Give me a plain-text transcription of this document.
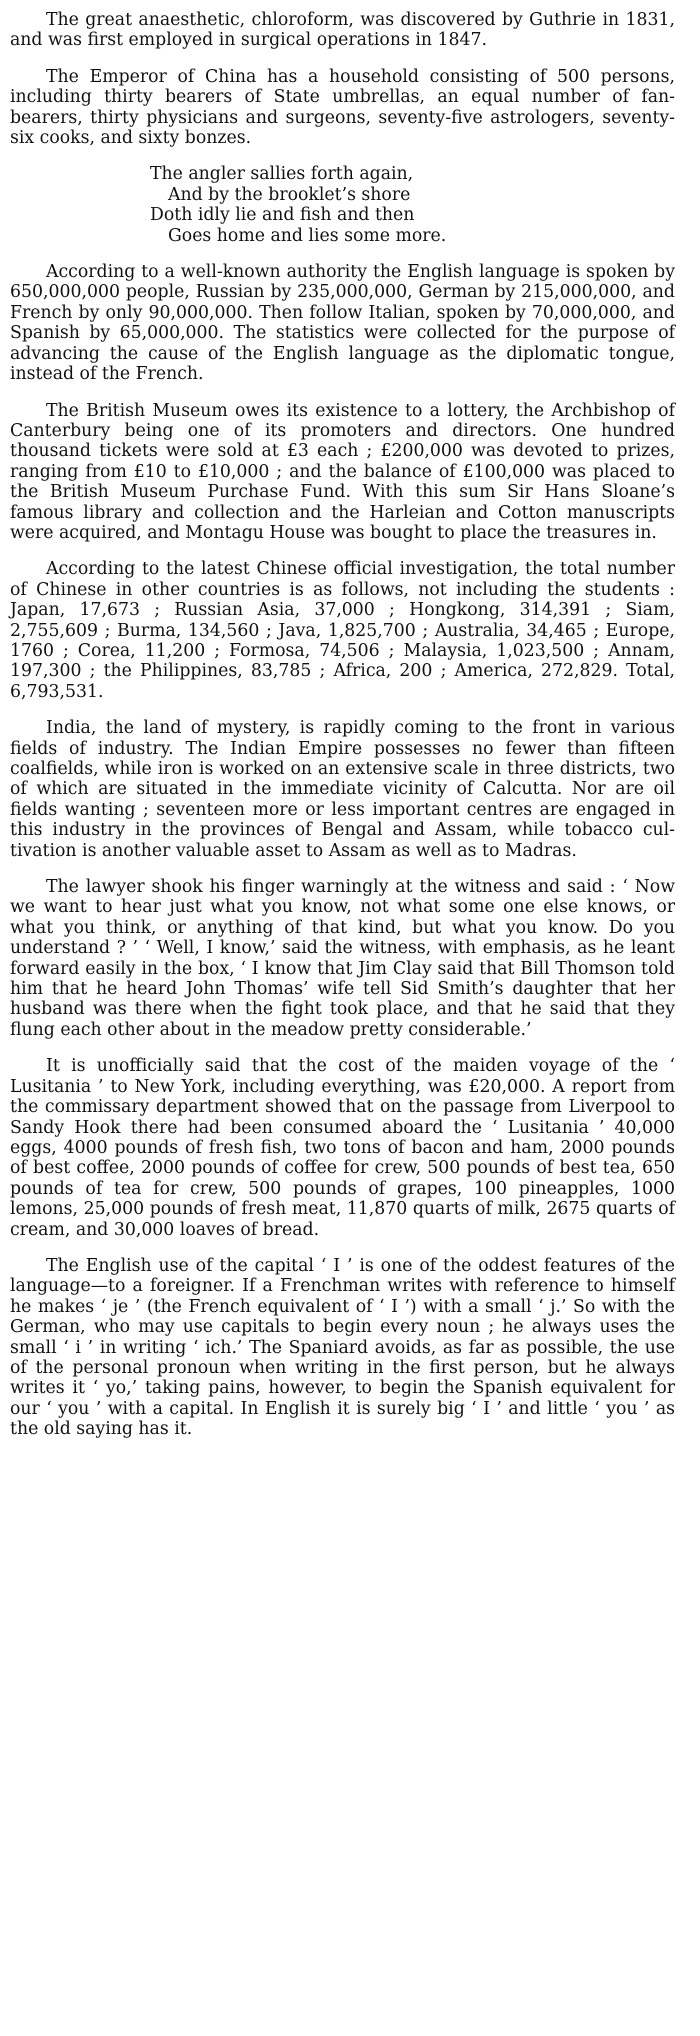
The great anaesthetic, chloroform, was discovered by Guthrie in 1831, and was first employed in surgical operations in 1847.

The Emperor of China has a household consisting of 500 persons, including thirty bearers of State umbrellas, an equal number of fan-bearers, thirty physicians and surgeons, seventy-five astrologers, seventy-six cooks, and sixty bonzes.

The angler sallies forth again,
And by the brooklet’s shore
Doth idly lie and fish and then
Goes home and lies some more.

According to a well-known authority the English language is spoken by 650,000,000 people, Russian by 235,000,000, German by 215,000,000, and French by only 90,000,000. Then follow Italian, spoken by 70,000,000, and Spanish by 65,000,000. The statistics were collected for the purpose of advancing the cause of the English language as the diplomatic tongue, instead of the French.

The British Museum owes its existence to a lottery, the Archbishop of Canterbury being one of its promoters and directors. One hundred thousand tickets were sold at £3 each ; £200,000 was devoted to prizes, ranging from £10 to £10,000 ; and the balance of £100,000 was placed to the British Museum Purchase Fund. With this sum Sir Hans Sloane’s famous library and collection and the Harleian and Cotton manuscripts were acquired, and Montagu House was bought to place the treasures in.

According to the latest Chinese official investigation, the total number of Chinese in other countries is as follows, not including the students : Japan, 17,673 ; Russian Asia, 37,000 ; Hongkong, 314,391 ; Siam, 2,755,609 ; Burma, 134,560 ; Java, 1,825,700 ; Australia, 34,465 ; Europe, 1760 ; Corea, 11,200 ; Formosa, 74,506 ; Malaysia, 1,023,500 ; Annam, 197,300 ; the Philippines, 83,785 ; Africa, 200 ; America, 272,829. Total, 6,793,531.

India, the land of mystery, is rapidly coming to the front in various fields of industry. The Indian Empire possesses no fewer than fifteen coalfields, while iron is worked on an extensive scale in three districts, two of which are situated in the immediate vicinity of Calcutta. Nor are oil fields wanting ; seventeen more or less important centres are engaged in this industry in the provinces of Bengal and Assam, while tobacco cultivation is another valuable asset to Assam as well as to Madras.

The lawyer shook his finger warningly at the witness and said : ‘ Now we want to hear just what you know, not what some one else knows, or what you think, or anything of that kind, but what you know. Do you understand ? ’ ‘ Well, I know,’ said the witness, with emphasis, as he leant forward easily in the box, ‘ I know that Jim Clay said that Bill Thomson told him that he heard John Thomas’ wife tell Sid Smith’s daughter that her husband was there when the fight took place, and that he said that they flung each other about in the meadow pretty considerable.’

It is unofficially said that the cost of the maiden voyage of the ‘ Lusitania ’ to New York, including everything, was £20,000. A report from the commissary department showed that on the passage from Liverpool to Sandy Hook there had been consumed aboard the ‘ Lusitania ’ 40,000 eggs, 4000 pounds of fresh fish, two tons of bacon and ham, 2000 pounds of best coffee, 2000 pounds of coffee for crew, 500 pounds of best tea, 650 pounds of tea for crew, 500 pounds of grapes, 100 pineapples, 1000 lemons, 25,000 pounds of fresh meat, 11,870 quarts of milk, 2675 quarts of cream, and 30,000 loaves of bread.

The English use of the capital ‘ I ’ is one of the oddest features of the language—to a foreigner. If a Frenchman writes with reference to himself he makes ‘ je ’ (the French equivalent of ‘ I ’) with a small ‘ j.’ So with the German, who may use capitals to begin every noun ; he always uses the small ‘ i ’ in writing ‘ ich.’ The Spaniard avoids, as far as possible, the use of the personal pronoun when writing in the first person, but he always writes it ‘ yo,’ taking pains, however, to begin the Spanish equivalent for our ‘ you ’ with a capital. In English it is surely big ‘ I ’ and little ‘ you ’ as the old saying has it.
